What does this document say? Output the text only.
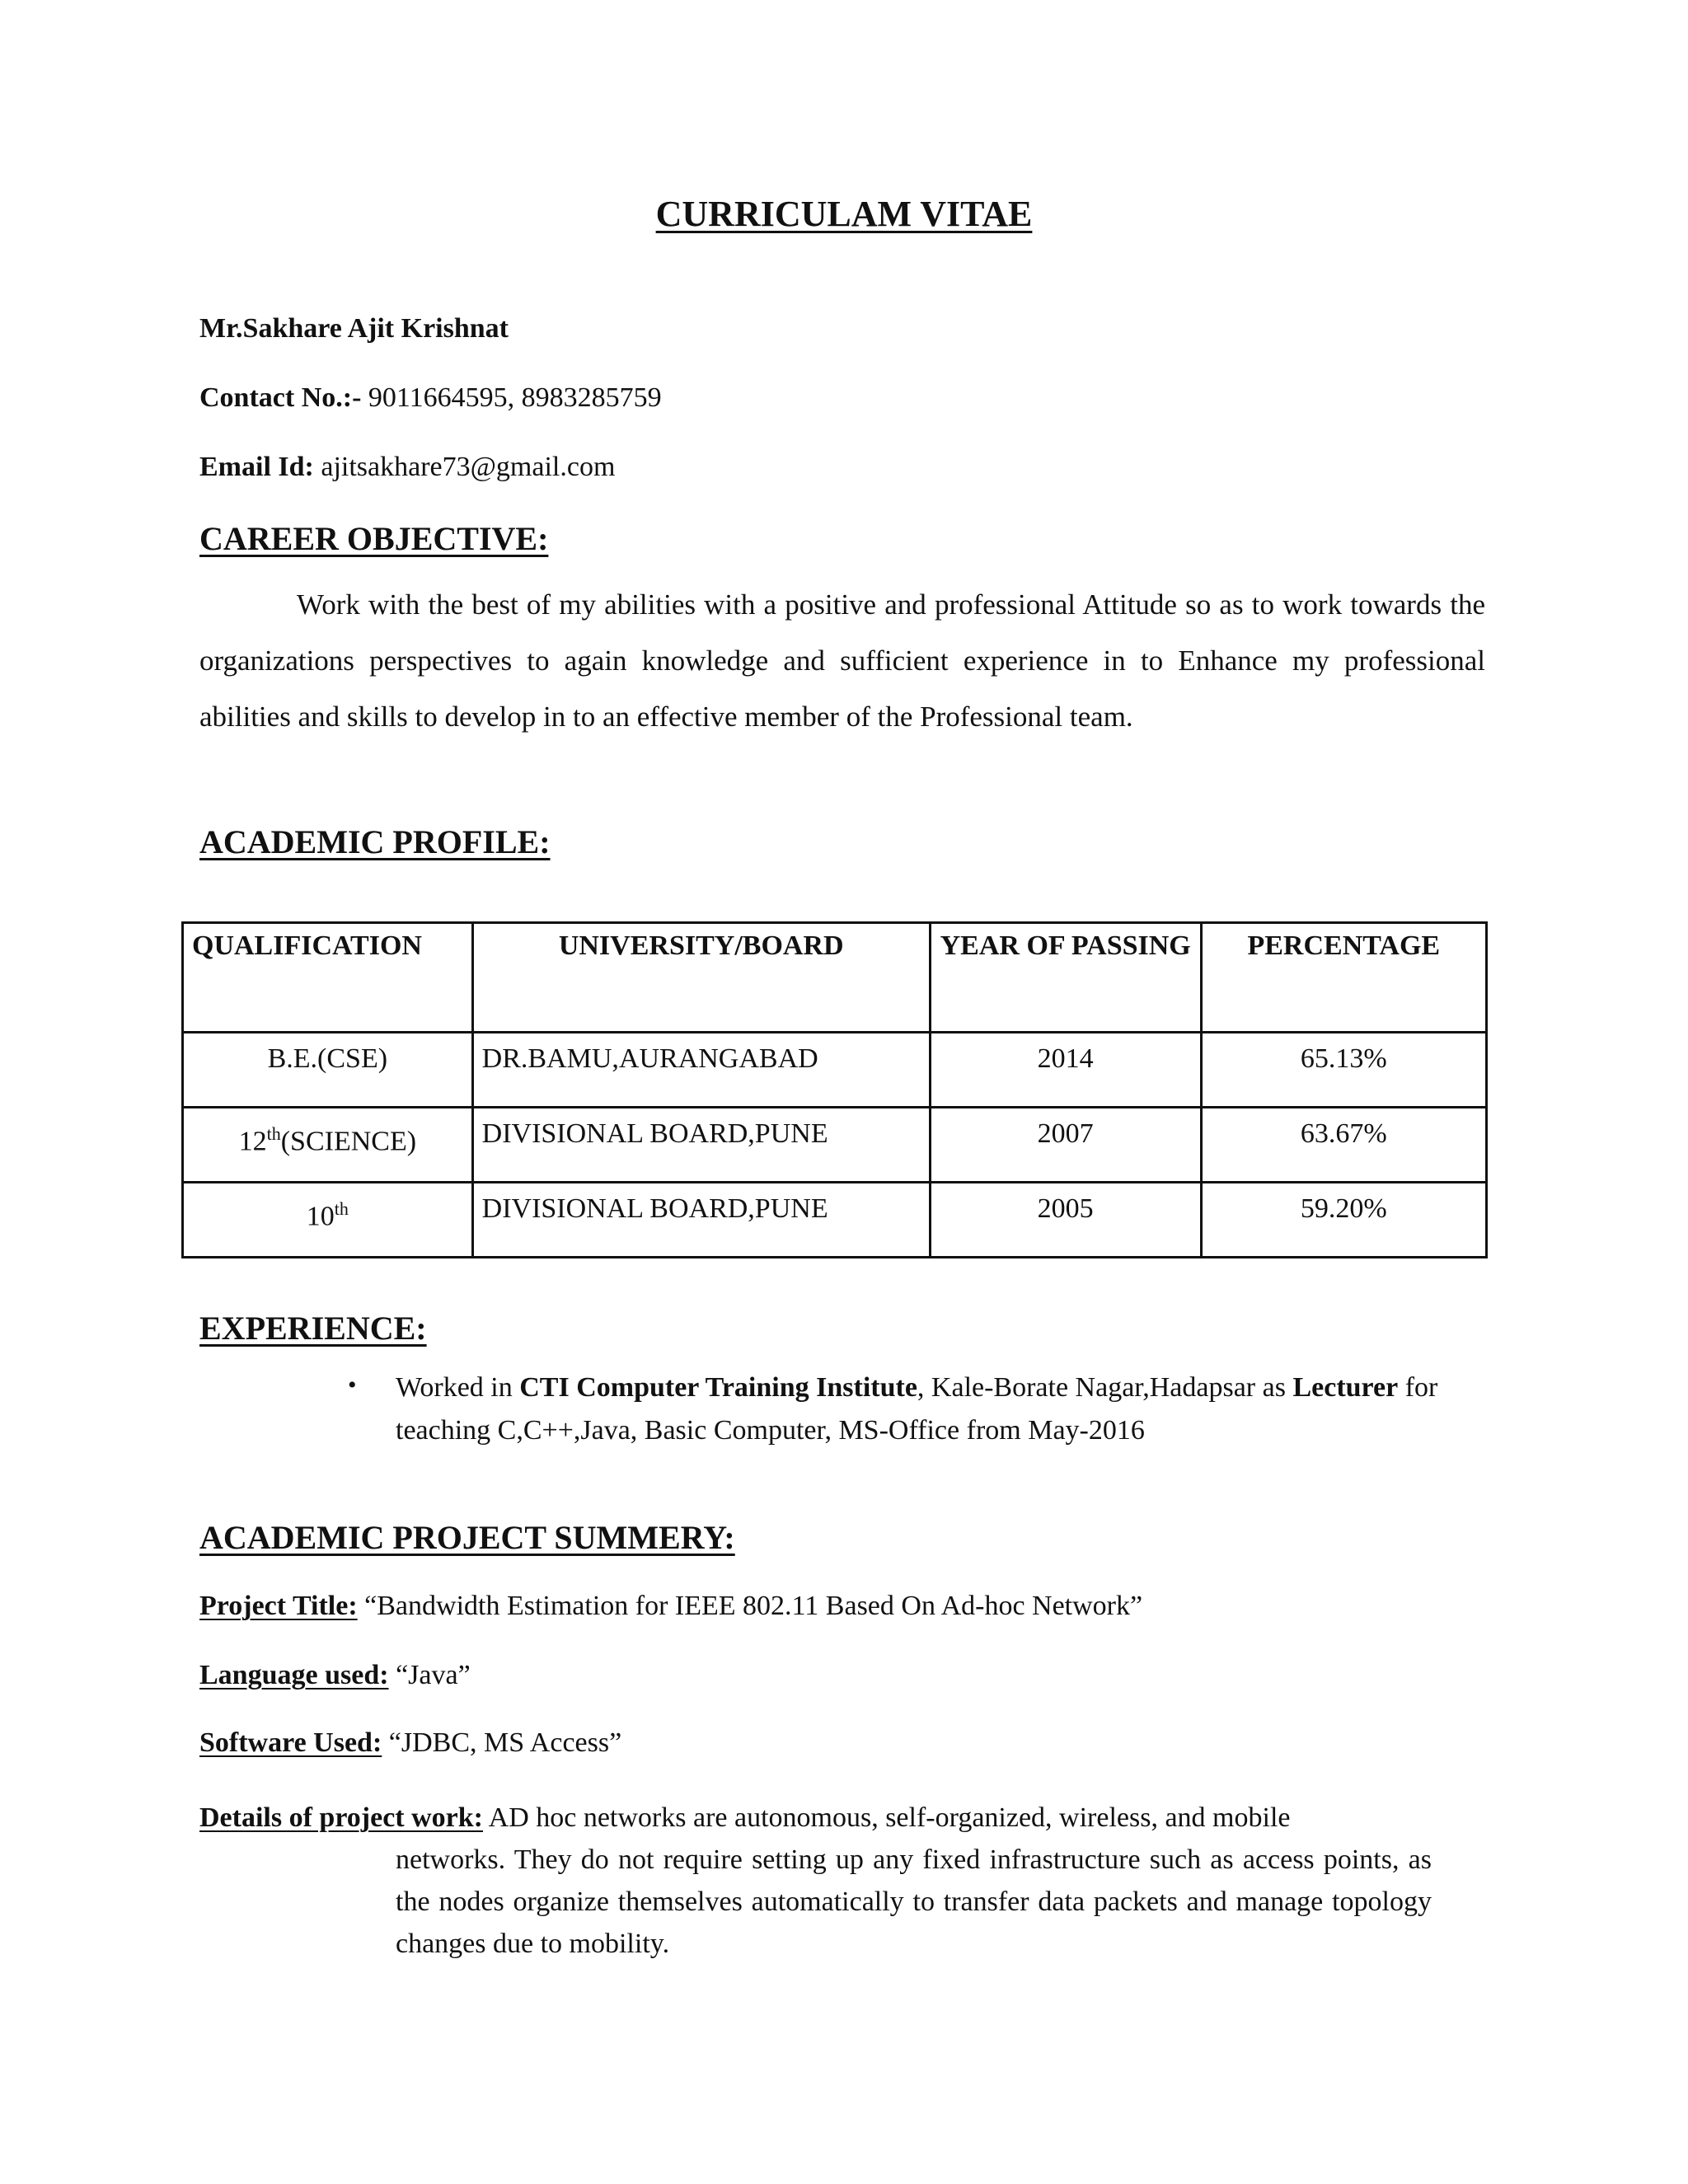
CURRICULAM VITAE
Mr.Sakhare Ajit Krishnat
Contact No.:- 9011664595, 8983285759
Email Id: ajitsakhare73@gmail.com
CAREER OBJECTIVE:
Work with the best of my abilities with a positive and professional Attitude so as to work towards the organizations perspectives to again knowledge and sufficient experience in to Enhance my professional abilities and skills to develop in to an effective member of the Professional team.
ACADEMIC PROFILE:
QUALIFICATION	UNIVERSITY/BOARD	YEAR OF PASSING	PERCENTAGE
B.E.(CSE)	DR.BAMU,AURANGABAD	2014	65.13%
12th(SCIENCE)	DIVISIONAL BOARD,PUNE	2007	63.67%
10th	DIVISIONAL BOARD,PUNE	2005	59.20%
EXPERIENCE:
• Worked in CTI Computer Training Institute, Kale-Borate Nagar,Hadapsar as Lecturer for teaching C,C++,Java, Basic Computer, MS-Office from May-2016
ACADEMIC PROJECT SUMMERY:
Project Title: “Bandwidth Estimation for IEEE 802.11 Based On Ad-hoc Network”
Language used: “Java”
Software Used: “JDBC, MS Access”
Details of project work: AD hoc networks are autonomous, self-organized, wireless, and mobile
networks. They do not require setting up any fixed infrastructure such as access points, as the nodes organize themselves automatically to transfer data packets and manage topology changes due to mobility.
